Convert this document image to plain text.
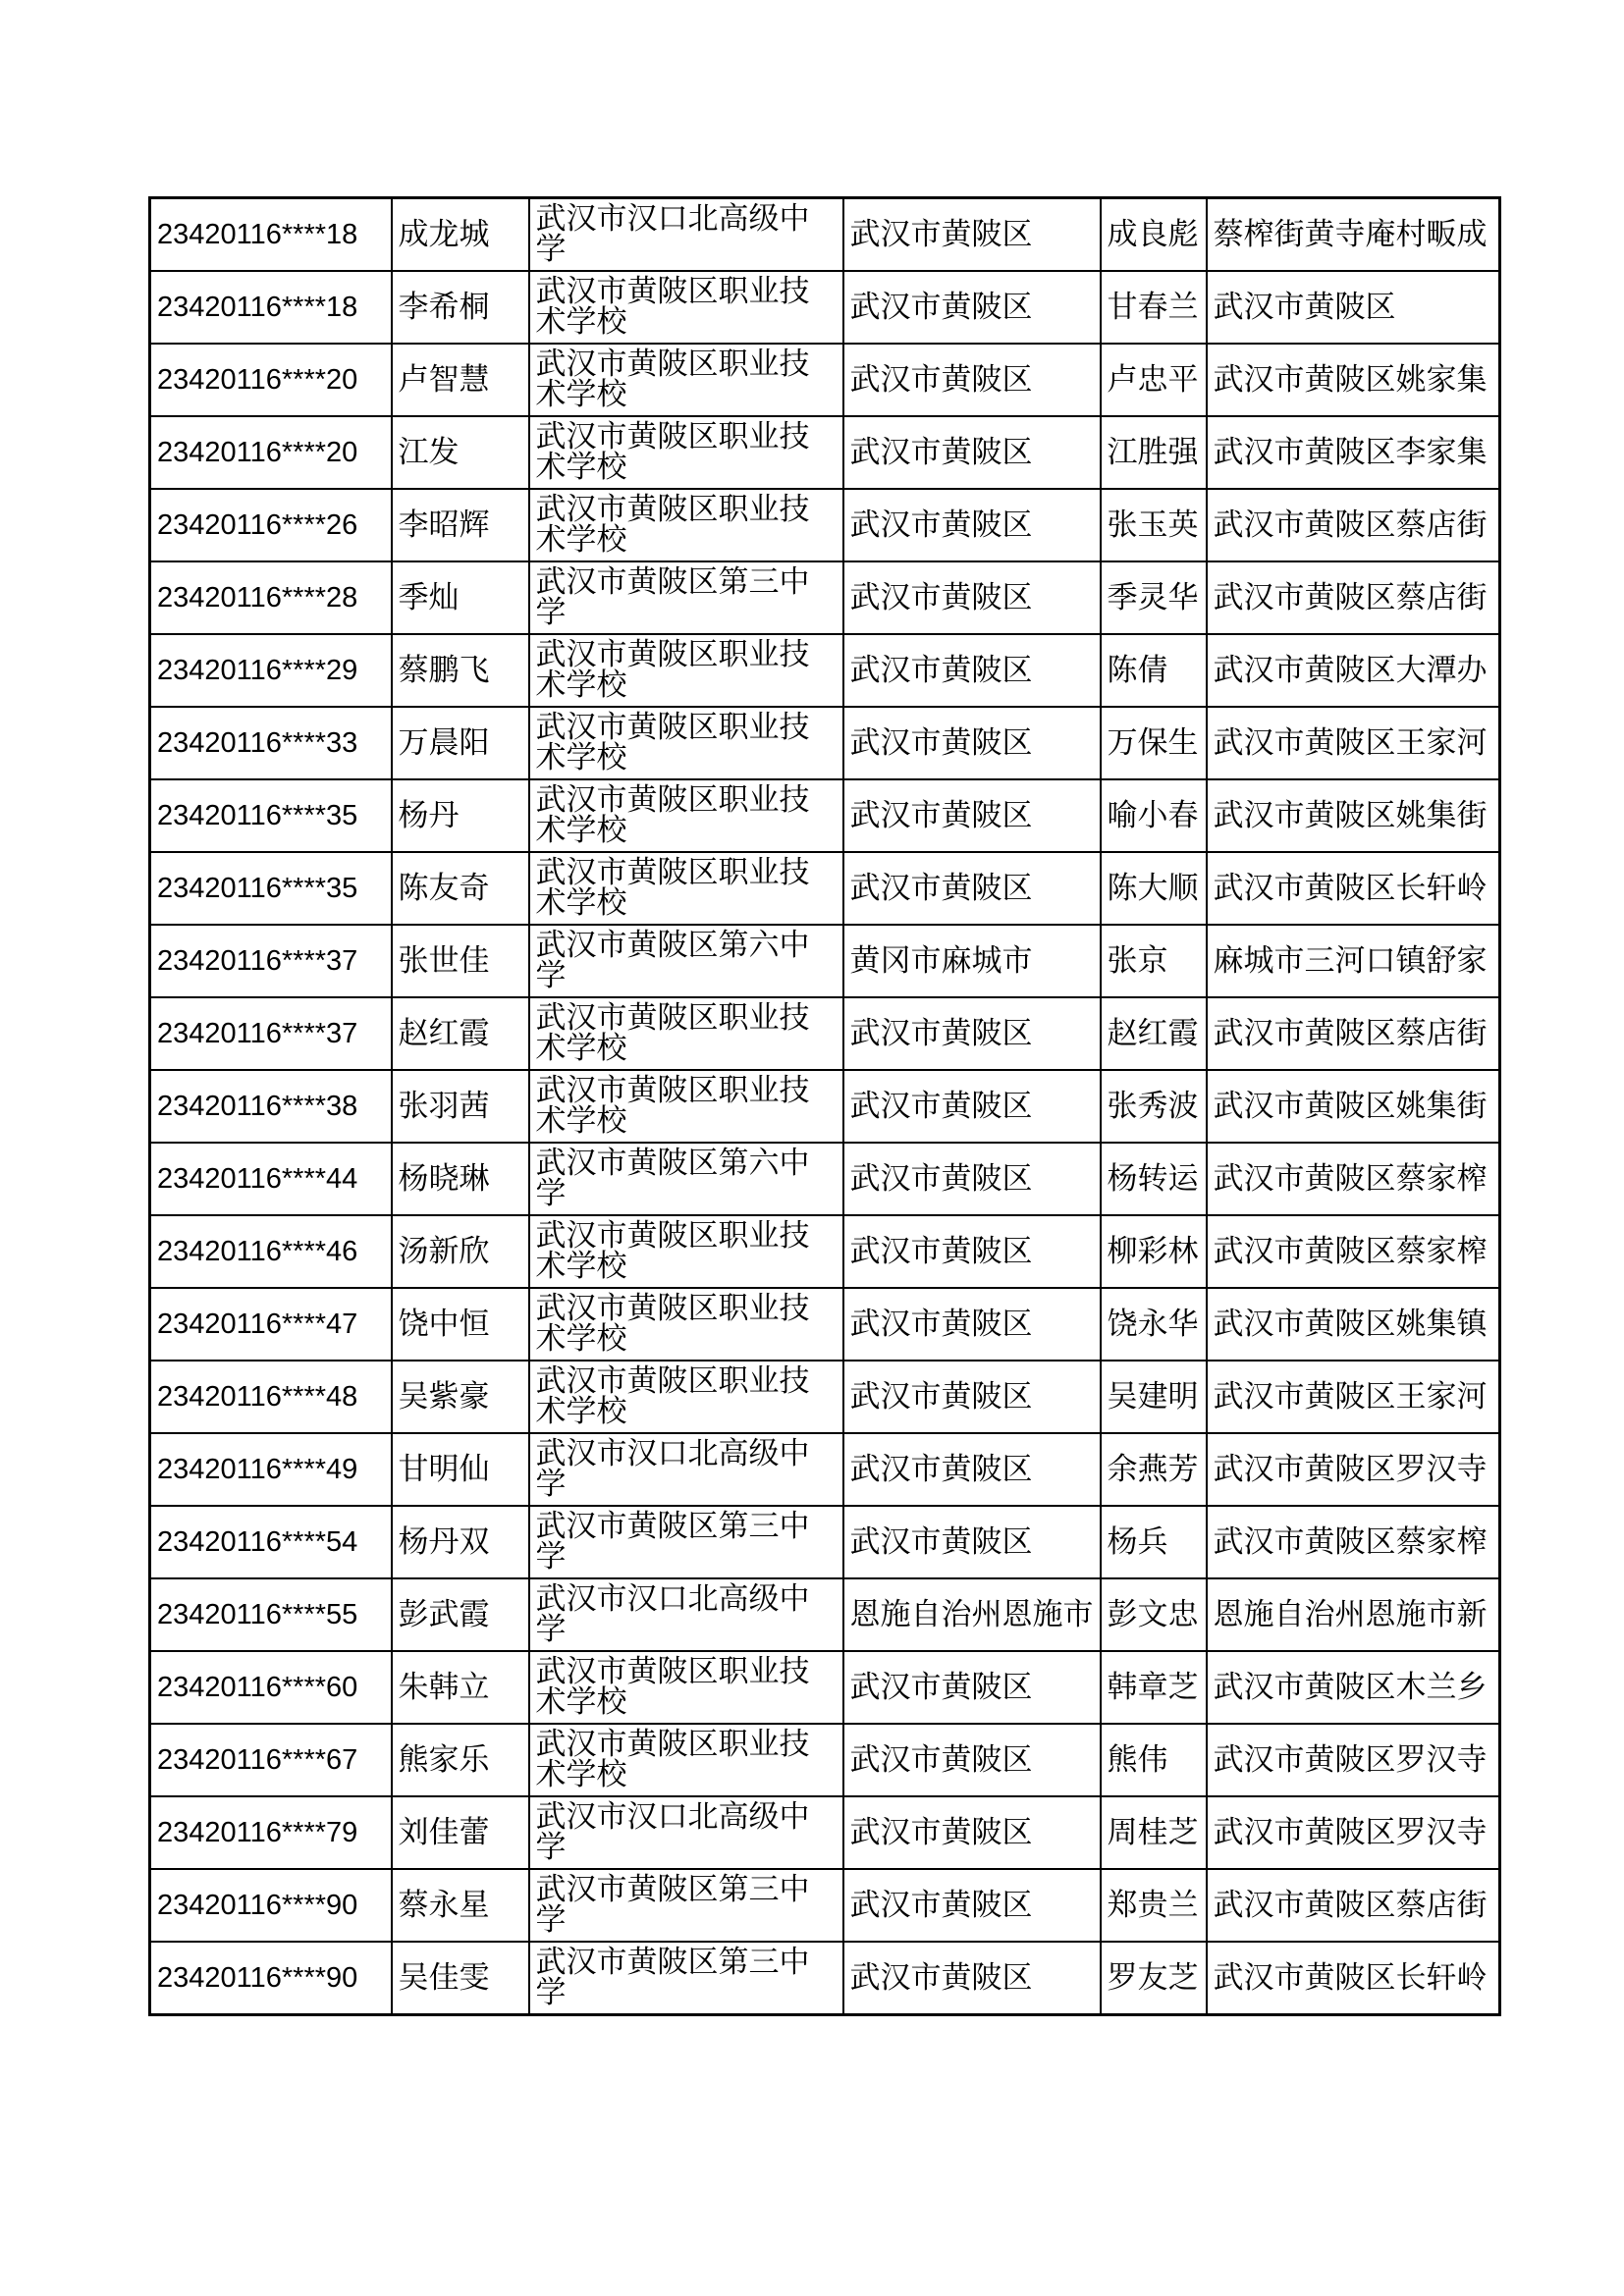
23420116****18	成龙城	武汉市汉口北高级中学	武汉市黄陂区	成良彪	蔡榨街黄寺庵村畈成
23420116****18	李希桐	武汉市黄陂区职业技术学校	武汉市黄陂区	甘春兰	武汉市黄陂区
23420116****20	卢智慧	武汉市黄陂区职业技术学校	武汉市黄陂区	卢忠平	武汉市黄陂区姚家集
23420116****20	江发	武汉市黄陂区职业技术学校	武汉市黄陂区	江胜强	武汉市黄陂区李家集
23420116****26	李昭辉	武汉市黄陂区职业技术学校	武汉市黄陂区	张玉英	武汉市黄陂区蔡店街
23420116****28	季灿	武汉市黄陂区第三中学	武汉市黄陂区	季灵华	武汉市黄陂区蔡店街
23420116****29	蔡鹏飞	武汉市黄陂区职业技术学校	武汉市黄陂区	陈倩	武汉市黄陂区大潭办
23420116****33	万晨阳	武汉市黄陂区职业技术学校	武汉市黄陂区	万保生	武汉市黄陂区王家河
23420116****35	杨丹	武汉市黄陂区职业技术学校	武汉市黄陂区	喻小春	武汉市黄陂区姚集街
23420116****35	陈友奇	武汉市黄陂区职业技术学校	武汉市黄陂区	陈大顺	武汉市黄陂区长轩岭
23420116****37	张世佳	武汉市黄陂区第六中学	黄冈市麻城市	张京	麻城市三河口镇舒家
23420116****37	赵红霞	武汉市黄陂区职业技术学校	武汉市黄陂区	赵红霞	武汉市黄陂区蔡店街
23420116****38	张羽茜	武汉市黄陂区职业技术学校	武汉市黄陂区	张秀波	武汉市黄陂区姚集街
23420116****44	杨晓琳	武汉市黄陂区第六中学	武汉市黄陂区	杨转运	武汉市黄陂区蔡家榨
23420116****46	汤新欣	武汉市黄陂区职业技术学校	武汉市黄陂区	柳彩林	武汉市黄陂区蔡家榨
23420116****47	饶中恒	武汉市黄陂区职业技术学校	武汉市黄陂区	饶永华	武汉市黄陂区姚集镇
23420116****48	吴紫豪	武汉市黄陂区职业技术学校	武汉市黄陂区	吴建明	武汉市黄陂区王家河
23420116****49	甘明仙	武汉市汉口北高级中学	武汉市黄陂区	余燕芳	武汉市黄陂区罗汉寺
23420116****54	杨丹双	武汉市黄陂区第三中学	武汉市黄陂区	杨兵	武汉市黄陂区蔡家榨
23420116****55	彭武霞	武汉市汉口北高级中学	恩施自治州恩施市	彭文忠	恩施自治州恩施市新
23420116****60	朱韩立	武汉市黄陂区职业技术学校	武汉市黄陂区	韩章芝	武汉市黄陂区木兰乡
23420116****67	熊家乐	武汉市黄陂区职业技术学校	武汉市黄陂区	熊伟	武汉市黄陂区罗汉寺
23420116****79	刘佳蕾	武汉市汉口北高级中学	武汉市黄陂区	周桂芝	武汉市黄陂区罗汉寺
23420116****90	蔡永星	武汉市黄陂区第三中学	武汉市黄陂区	郑贵兰	武汉市黄陂区蔡店街
23420116****90	吴佳雯	武汉市黄陂区第三中学	武汉市黄陂区	罗友芝	武汉市黄陂区长轩岭
